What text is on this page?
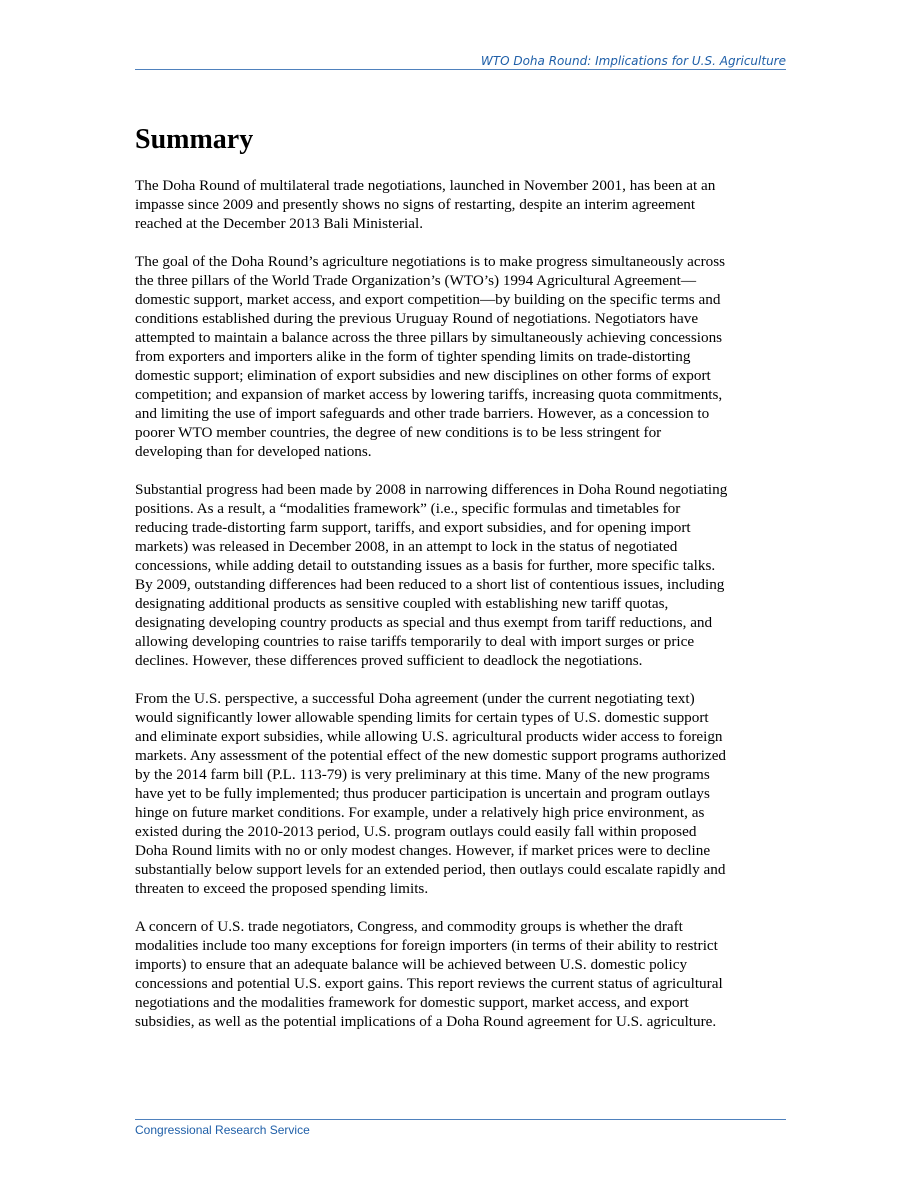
WTO Doha Round: Implications for U.S. Agriculture
Summary

The Doha Round of multilateral trade negotiations, launched in November 2001, has been at an
impasse since 2009 and presently shows no signs of restarting, despite an interim agreement
reached at the December 2013 Bali Ministerial.

The goal of the Doha Round’s agriculture negotiations is to make progress simultaneously across
the three pillars of the World Trade Organization’s (WTO’s) 1994 Agricultural Agreement—
domestic support, market access, and export competition—by building on the specific terms and
conditions established during the previous Uruguay Round of negotiations. Negotiators have
attempted to maintain a balance across the three pillars by simultaneously achieving concessions
from exporters and importers alike in the form of tighter spending limits on trade-distorting
domestic support; elimination of export subsidies and new disciplines on other forms of export
competition; and expansion of market access by lowering tariffs, increasing quota commitments,
and limiting the use of import safeguards and other trade barriers. However, as a concession to
poorer WTO member countries, the degree of new conditions is to be less stringent for
developing than for developed nations.

Substantial progress had been made by 2008 in narrowing differences in Doha Round negotiating
positions. As a result, a “modalities framework” (i.e., specific formulas and timetables for
reducing trade-distorting farm support, tariffs, and export subsidies, and for opening import
markets) was released in December 2008, in an attempt to lock in the status of negotiated
concessions, while adding detail to outstanding issues as a basis for further, more specific talks.
By 2009, outstanding differences had been reduced to a short list of contentious issues, including
designating additional products as sensitive coupled with establishing new tariff quotas,
designating developing country products as special and thus exempt from tariff reductions, and
allowing developing countries to raise tariffs temporarily to deal with import surges or price
declines. However, these differences proved sufficient to deadlock the negotiations.

From the U.S. perspective, a successful Doha agreement (under the current negotiating text)
would significantly lower allowable spending limits for certain types of U.S. domestic support
and eliminate export subsidies, while allowing U.S. agricultural products wider access to foreign
markets. Any assessment of the potential effect of the new domestic support programs authorized
by the 2014 farm bill (P.L. 113-79) is very preliminary at this time. Many of the new programs
have yet to be fully implemented; thus producer participation is uncertain and program outlays
hinge on future market conditions. For example, under a relatively high price environment, as
existed during the 2010-2013 period, U.S. program outlays could easily fall within proposed
Doha Round limits with no or only modest changes. However, if market prices were to decline
substantially below support levels for an extended period, then outlays could escalate rapidly and
threaten to exceed the proposed spending limits.

A concern of U.S. trade negotiators, Congress, and commodity groups is whether the draft
modalities include too many exceptions for foreign importers (in terms of their ability to restrict
imports) to ensure that an adequate balance will be achieved between U.S. domestic policy
concessions and potential U.S. export gains. This report reviews the current status of agricultural
negotiations and the modalities framework for domestic support, market access, and export
subsidies, as well as the potential implications of a Doha Round agreement for U.S. agriculture.

Congressional Research Service
